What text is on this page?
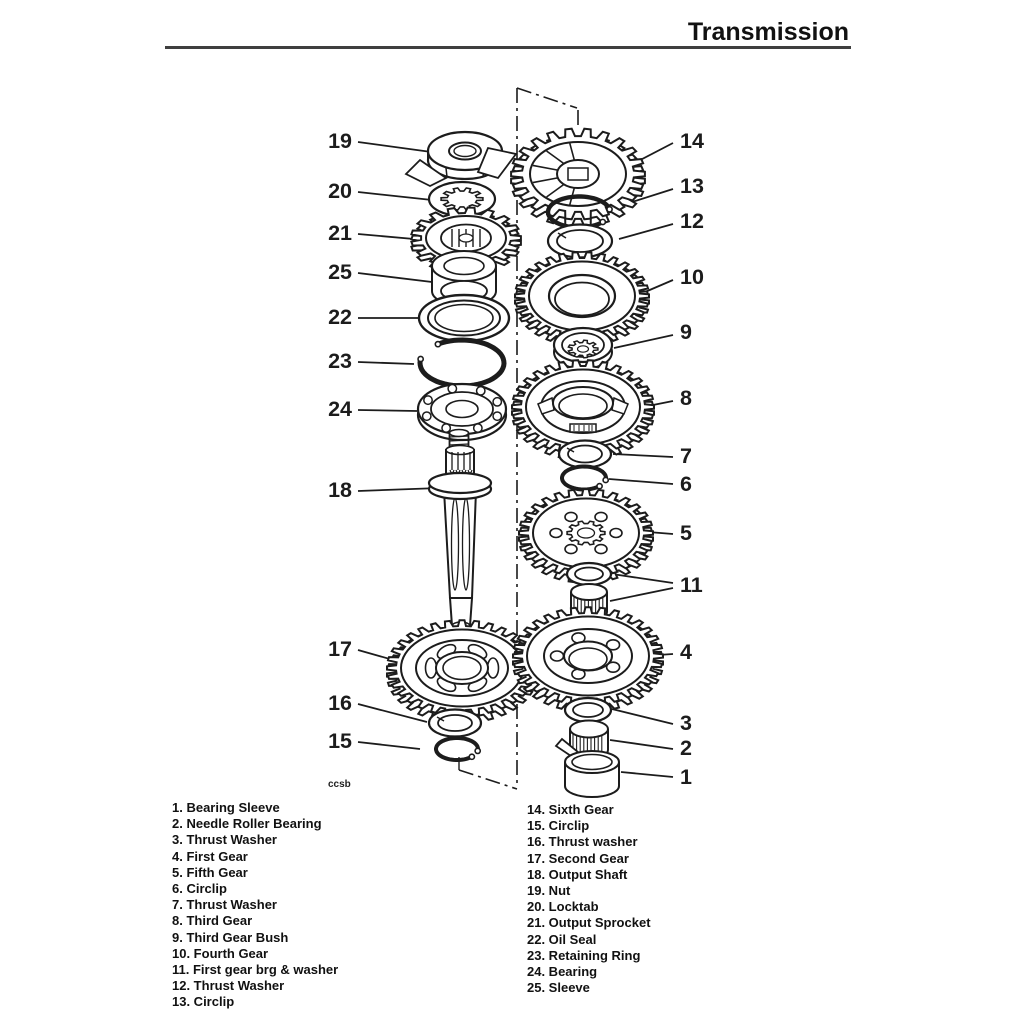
19
20
21
25
22
23
24
18
17
16
15
14
13
12
10
9
8
7
6
5
11
4
3
2
1
Transmission
ccsb
1. Bearing Sleeve
2. Needle Roller Bearing
3. Thrust Washer
4. First Gear
5. Fifth Gear
6. Circlip
7. Thrust Washer
8. Third Gear
9. Third Gear Bush
10. Fourth Gear
11. First gear brg & washer
12. Thrust Washer
13. Circlip
14. Sixth Gear
15. Circlip
16. Thrust washer
17. Second Gear
18. Output Shaft
19. Nut
20. Locktab
21. Output Sprocket
22. Oil Seal
23. Retaining Ring
24. Bearing
25. Sleeve
